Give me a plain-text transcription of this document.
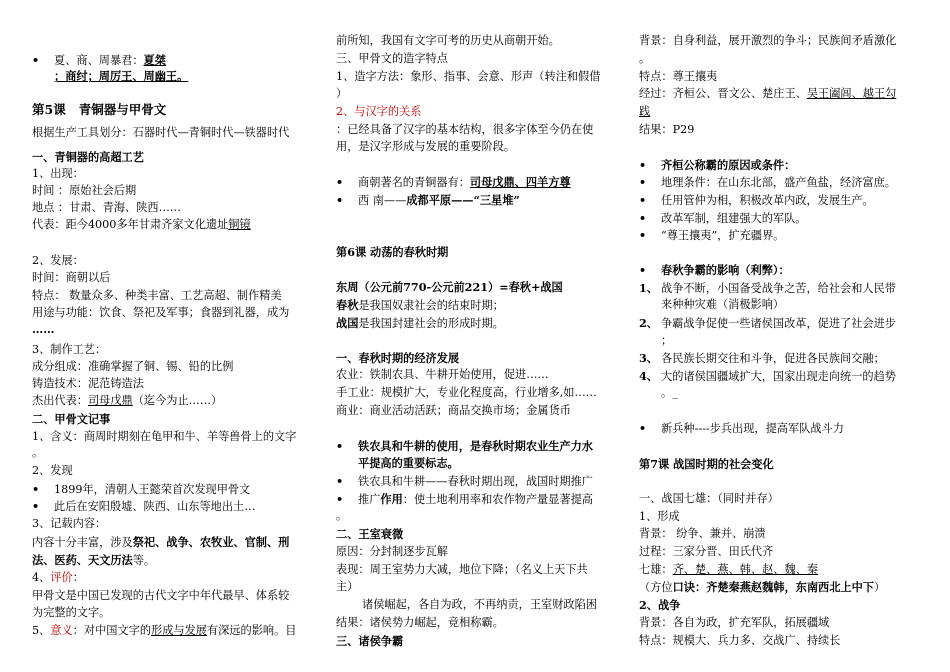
• 夏、商、周暴君：夏桀
；商纣；周厉王、周幽王。
第5课 青铜器与甲骨文
根据生产工具划分：石器时代—青铜时代—铁器时代
一、青铜器的高超工艺
1、出现：
时间 ：原始社会后期
地点 ：甘肃、青海、陕西……
代表：距今4000多年甘肃齐家文化遗址铜镜
2、发展：
时间：商朝以后
特点： 数量众多、种类丰富、工艺高超、制作精美
用途与功能：饮食、祭祀及军事；食器到礼器，成为
……
3、制作工艺：
成分组成：准确掌握了铜、锡、铅的比例
铸造技术：泥范铸造法
杰出代表：司母戊鼎（迄今为止……）
二、甲骨文记事
1、含义：商周时期刻在龟甲和牛、羊等兽骨上的文字
。
2、发现
• 1899年，清朝人王懿荣首次发现甲骨文
• 此后在安阳殷墟、陕西、山东等地出土…
3、记载内容：
内容十分丰富，涉及祭祀、战争、农牧业、官制、刑
法、医药、天文历法等。
4、评价：
甲骨文是中国已发现的古代文字中年代最早、体系较
为完整的文字。
5、意义：对中国文字的形成与发展有深远的影响。目
前所知，我国有文字可考的历史从商朝开始。
三、甲骨文的造字特点
1、造字方法：象形、指事、会意、形声（转注和假借
）
2、与汉字的关系
：已经具备了汉字的基本结构，很多字体至今仍在使
用，是汉字形成与发展的重要阶段。
• 商朝著名的青铜器有：司母戊鼎、四羊方尊
• 西 南——成都平原——“三星堆”
第6课 动荡的春秋时期
东周（公元前770-公元前221）=春秋+战国
春秋是我国奴隶社会的结束时期；
战国是我国封建社会的形成时期。
一、春秋时期的经济发展
农业：铁制农具、牛耕开始使用，促进……
手工业：规模扩大，专业化程度高，行业增多,如……
商业：商业活动活跃；商品交换市场；金属货币
• 铁农具和牛耕的使用，是春秋时期农业生产力水
平提高的重要标志。
• 铁农具和牛耕——春秋时期出现，战国时期推广
• 推广作用：使土地利用率和农作物产量显著提高
。
二、王室衰微
原因：分封制逐步瓦解
表现：周王室势力大减，地位下降；（名义上天下共
主）
诸侯崛起，各自为政，不再纳贡，王室财政陷困
结果：诸侯势力崛起，竞相称霸。
三、诸侯争霸
背景：自身利益，展开激烈的争斗；民族间矛盾激化
。
特点：尊王攘夷
经过：齐桓公、晋文公、楚庄王、吴王阖闾、越王勾
践
结果：P29
• 齐桓公称霸的原因或条件：
• 地理条件：在山东北部，盛产鱼盐，经济富庶。
• 任用管仲为相，积极改革内政，发展生产。
• 改革军制，组建强大的军队。
• “尊王攘夷”，扩充疆界。
• 春秋争霸的影响（利弊）：
1、 战争不断，小国备受战争之苦，给社会和人民带
来种种灾难（消极影响）
2、 争霸战争促使一些诸侯国改革，促进了社会进步
；
3、 各民族长期交往和斗争，促进各民族间交融；
4、 大的诸侯国疆域扩大，国家出现走向统一的趋势
。_
• 新兵种----步兵出现，提高军队战斗力
第7课 战国时期的社会变化
一、战国七雄：（同时并存）
1、形成
背景： 纷争、兼并、崩溃
过程：三家分晋、田氏代齐
七雄：齐、楚、燕、韩、赵、魏、秦
（方位口诀：齐楚秦燕赵魏韩，东南西北上中下）
2、战争
背景：各自为政，扩充军队，拓展疆域
特点：规模大、兵力多、交战广、持续长
